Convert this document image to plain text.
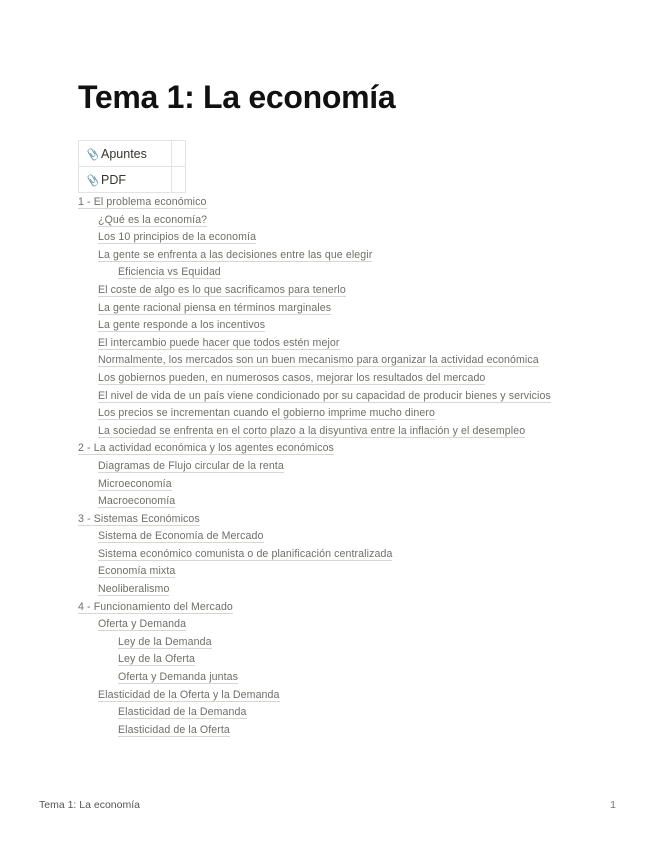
Tema 1: La economía
📎 Apuntes	
📎 PDF	
1 - El problema económico
¿Qué es la economía?
Los 10 principios de la economía
La gente se enfrenta a las decisiones entre las que elegir
Eficiencia vs Equidad
El coste de algo es lo que sacrificamos para tenerlo
La gente racional piensa en términos marginales
La gente responde a los incentivos
El intercambio puede hacer que todos estén mejor
Normalmente, los mercados son un buen mecanismo para organizar la actividad económica
Los gobiernos pueden, en numerosos casos, mejorar los resultados del mercado
El nivel de vida de un país viene condicionado por su capacidad de producir bienes y servicios
Los precios se incrementan cuando el gobierno imprime mucho dinero
La sociedad se enfrenta en el corto plazo a la disyuntiva entre la inflación y el desempleo
2 - La actividad económica y los agentes económicos
Diagramas de Flujo circular de la renta
Microeconomía
Macroeconomía
3 - Sistemas Económicos
Sistema de Economía de Mercado
Sistema económico comunista o de planificación centralizada
Economía mixta
Neoliberalismo
4 - Funcionamiento del Mercado
Oferta y Demanda
Ley de la Demanda
Ley de la Oferta
Oferta y Demanda juntas
Elasticidad de la Oferta y la Demanda
Elasticidad de la Demanda
Elasticidad de la Oferta
Tema 1: La economía	1
